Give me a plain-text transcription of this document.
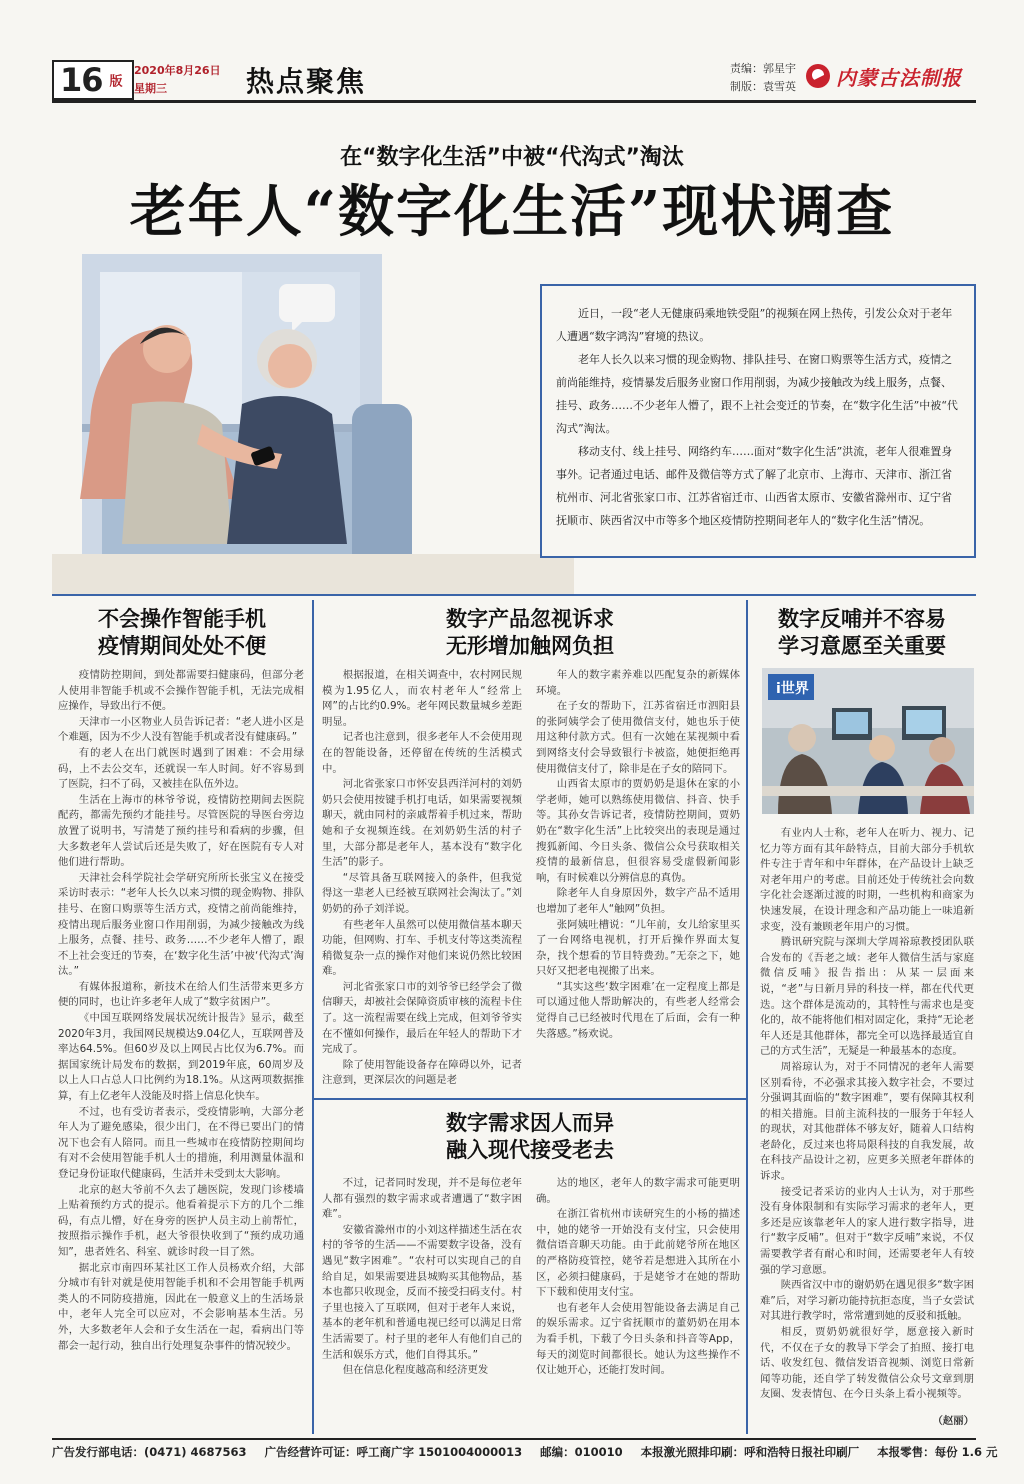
16 版
2020年8月26日
星期三	热点聚焦	责编：郭星宇
制版：袁雪英 内蒙古法制报
在“数字化生活”中被“代沟式”淘汰
老年人“数字化生活”现状调查

近日，一段“老人无健康码乘地铁受阻”的视频在网上热传，引发公众对于老年人遭遇“数字鸿沟”窘境的热议。

老年人长久以来习惯的现金购物、排队挂号、在窗口购票等生活方式，疫情之前尚能维持，疫情暴发后服务业窗口作用削弱，为减少接触改为线上服务，点餐、挂号、政务……不少老年人懵了，跟不上社会变迁的节奏，在“数字化生活”中被“代沟式”淘汰。

移动支付、线上挂号、网络约车……面对“数字化生活”洪流，老年人很难置身事外。记者通过电话、邮件及微信等方式了解了北京市、上海市、天津市、浙江省杭州市、河北省张家口市、江苏省宿迁市、山西省太原市、安徽省滁州市、辽宁省抚顺市、陕西省汉中市等多个地区疫情防控期间老年人的“数字化生活”情况。

不会操作智能手机
疫情期间处处不便
数字产品忽视诉求
无形增加触网负担
数字反哺并不容易
学习意愿至关重要
数字需求因人而异
融入现代接受老去

疫情防控期间，到处都需要扫健康码，但部分老人使用非智能手机或不会操作智能手机，无法完成相应操作，导致出行不便。

天津市一小区物业人员告诉记者：“老人进小区是个难题，因为不少人没有智能手机或者没有健康码。”

有的老人在出门就医时遇到了困难：不会用绿码，上不去公交车，还就误一车人时间。好不容易到了医院，扫不了码，又被挂在队伍外边。

生活在上海市的林爷爷说，疫情防控期间去医院配药，都需先预约才能挂号。尽管医院的导医台旁边放置了说明书，写清楚了预约挂号和看病的步骤，但大多数老年人尝试后还是失败了，好在医院有专人对他们进行帮助。

天津社会科学院社会学研究所所长张宝义在接受采访时表示：“老年人长久以来习惯的现金购物、排队挂号、在窗口购票等生活方式，疫情之前尚能维持，疫情出现后服务业窗口作用削弱，为减少接触改为线上服务，点餐、挂号、政务……不少老年人懵了，跟不上社会变迁的节奏，在‘数字化生活’中被‘代沟式’淘汰。”

有媒体报道称，新技术在给人们生活带来更多方便的同时，也让许多老年人成了“数字贫困户”。

《中国互联网络发展状况统计报告》显示，截至2020年3月，我国网民规模达9.04亿人，互联网普及率达64.5%。但60岁及以上网民占比仅为6.7%。而据国家统计局发布的数据，到2019年底，60周岁及以上人口占总人口比例约为18.1%。从这两项数据推算，有上亿老年人没能及时搭上信息化快车。

不过，也有受访者表示，受疫情影响，大部分老年人为了避免感染，很少出门，在不得已要出门的情况下也会有人陪同。而且一些城市在疫情防控期间均有对不会使用智能手机人士的措施，利用测量体温和登记身份证取代健康码，生活并未受到太大影响。

北京的赵大爷前不久去了趟医院，发现门诊楼墙上贴着预约方式的提示。他看着提示下方的几个二维码，有点儿懵，好在身旁的医护人员主动上前帮忙，按照指示操作手机，赵大爷很快收到了“预约成功通知”，患者姓名、科室、就诊时段一目了然。

据北京市南四环某社区工作人员杨欢介绍，大部分城市有针对就是使用智能手机和不会用智能手机两类人的不同防疫措施，因此在一般意义上的生活场景中，老年人完全可以应对，不会影响基本生活。另外，大多数老年人会和子女生活在一起，看病出门等都会一起行动，独自出行处理复杂事件的情况较少。

根据报道，在相关调查中，农村网民规模为1.95亿人，而农村老年人“经常上网”的占比约0.9%。老年网民数量城乡差距明显。

记者也注意到，很多老年人不会使用现在的智能设备，还停留在传统的生活模式中。

河北省张家口市怀安县西洋河村的刘奶奶只会使用按键手机打电话，如果需要视频聊天，就由同村的亲戚帮着手机过来，帮助她和子女视频连线。在刘奶奶生活的村子里，大部分都是老年人，基本没有“数字化生活”的影子。

“尽管具备互联网接入的条件，但我觉得这一辈老人已经被互联网社会淘汰了。”刘奶奶的孙子刘洋说。

有些老年人虽然可以使用微信基本聊天功能，但网购、打车、手机支付等这类流程稍微复杂一点的操作对他们来说仍然比较困难。

河北省张家口市的刘爷爷已经学会了微信聊天，却被社会保障资质审核的流程卡住了。这一流程需要在线上完成，但刘爷爷实在不懂如何操作，最后在年轻人的帮助下才完成了。

除了使用智能设备存在障碍以外，记者注意到，更深层次的问题是老

年人的数字素养难以匹配复杂的新媒体环境。

在子女的帮助下，江苏省宿迁市泗阳县的张阿姨学会了使用微信支付，她也乐于使用这种付款方式。但有一次她在某视频中看到网络支付会导致银行卡被盗，她便拒绝再使用微信支付了，除非是在子女的陪同下。

山西省太原市的贾奶奶是退休在家的小学老师，她可以熟练使用微信、抖音、快手等。其孙女告诉记者，疫情防控期间，贾奶奶在“数字化生活”上比较突出的表现是通过搜狐新闻、今日头条、微信公众号获取相关疫情的最新信息，但很容易受虚假新闻影响，有时候难以分辨信息的真伪。

除老年人自身原因外，数字产品不适用也增加了老年人“触网”负担。

张阿姨吐槽说：“儿年前，女儿给家里买了一台网络电视机，打开后操作界面太复杂，找个想看的节目特费劲。”无奈之下，她只好又把老电视搬了出来。

“其实这些‘数字困难’在一定程度上都是可以通过他人帮助解决的，有些老人经常会觉得自己已经被时代甩在了后面，会有一种失落感。”杨欢说。

不过，记者同时发现，并不是每位老年人都有强烈的数字需求或者遭遇了“数字困难”。

安徽省滁州市的小刘这样描述生活在农村的爷爷的生活——不需要数字设备，没有遇见“数字困难”。“农村可以实现自己的自给自足，如果需要进县城购买其他物品，基本也都只收现金，反而不接受扫码支付。村子里也接入了互联网，但对于老年人来说，基本的老年机和普通电视已经可以满足日常生活需要了。村子里的老年人有他们自己的生活和娱乐方式，他们自得其乐。”

但在信息化程度越高和经济更发

达的地区，老年人的数字需求可能更明确。

在浙江省杭州市读研究生的小杨的描述中，她的姥爷一开始没有支付宝，只会使用微信语音聊天功能。由于此前姥爷所在地区的严格防疫管控，姥爷若是想进入其所在小区，必须扫健康码，于是姥爷才在她的帮助下下载和使用支付宝。

也有老年人会使用智能设备去满足自己的娱乐需求。辽宁省抚顺市的董奶奶在用本为看手机，下载了今日头条和抖音等App，每天的浏览时间都很长。她认为这些操作不仅让她开心，还能打发时间。

i世界

有业内人士称，老年人在听力、视力、记忆力等方面有其年龄特点，目前大部分手机软件专注于青年和中年群体，在产品设计上缺乏对老年用户的考虑。目前还处于传统社会向数字化社会逐渐过渡的时期，一些机构和商家为快速发展，在设计理念和产品功能上一味追新求变，没有兼顾老年用户的习惯。

腾讯研究院与深圳大学周裕琼教授团队联合发布的《吾老之域：老年人微信生活与家庭微信反哺》报告指出：从某一层面来说，“老”与日新月异的科技一样，都在代代更迭。这个群体是流动的，其特性与需求也是变化的，故不能将他们相对固定化，秉持“无论老年人还是其他群体，都完全可以选择最适宜自己的方式生活”，无疑是一种最基本的态度。

周裕琼认为，对于不同情况的老年人需要区别看待，不必强求其接入数字社会，不要过分强调其面临的“数字困难”，要有保障其权利的相关措施。目前主流科技的一服务于年轻人的现状，对其他群体不够友好，随着人口结构老龄化，反过来也将局限科技的自我发展，故在科技产品设计之初，应更多关照老年群体的诉求。

接受记者采访的业内人士认为，对于那些没有身体限制和有实际学习需求的老年人，更多还是应该靠老年人的家人进行数字指导，进行“数字反哺”。但对于“数字反哺”来说，不仅需要教学者有耐心和时间，还需要老年人有较强的学习意愿。

陕西省汉中市的谢奶奶在遇见很多“数字困难”后，对学习新功能持抗拒态度，当子女尝试对其进行教学时，常常遭到她的反驳和抵触。

相反，贾奶奶就很好学，愿意接入新时代，不仅在子女的教导下学会了拍照、接打电话、收发红包、微信发语音视频、浏览日常新闻等功能，还自学了转发微信公众号文章到朋友圈、发表情包、在今日头条上看小视频等。

（赵丽）
广告发行部电话：(0471) 4687563 广告经营许可证：呼工商广字 1501004000013 邮编：010010 本报激光照排印刷：呼和浩特日报社印刷厂 本报零售：每份 1.6 元
